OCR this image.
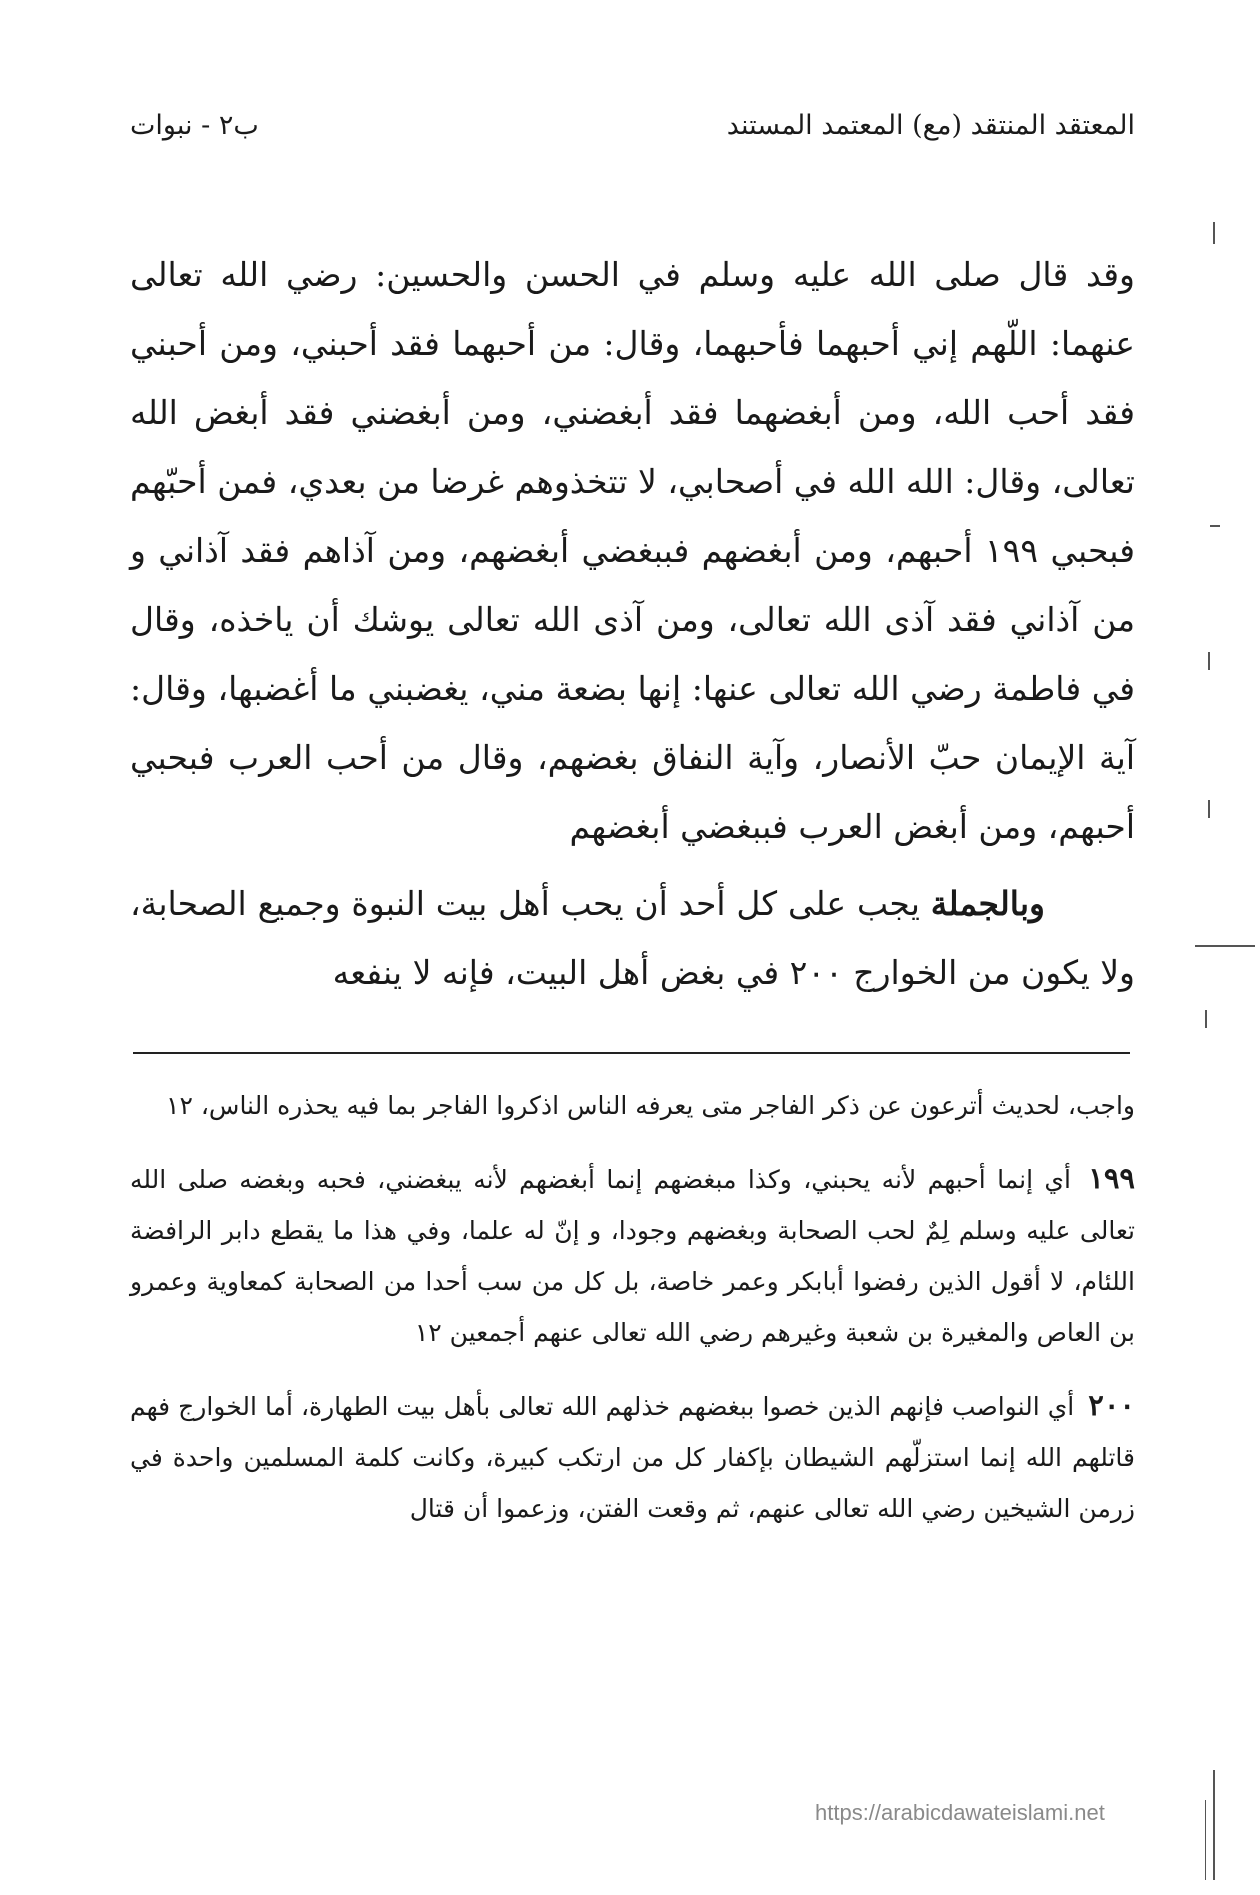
المعتقد المنتقد (مع) المعتمد المستند
ب٢ - نبوات

وقد قال صلى الله عليه وسلم في الحسن والحسين: رضي الله تعالى عنهما: اللّهم إني أحبهما فأحبهما، وقال: من أحبهما فقد أحبني، ومن أحبني فقد أحب الله، ومن أبغضهما فقد أبغضني، ومن أبغضني فقد أبغض الله تعالى، وقال: الله الله في أصحابي، لا تتخذوهم غرضا من بعدي، فمن أحبّهم فبحبي ١٩٩ أحبهم، ومن أبغضهم فببغضي أبغضهم، ومن آذاهم فقد آذاني و من آذاني فقد آذى الله تعالى، ومن آذى الله تعالى يوشك أن ياخذه، وقال في فاطمة رضي الله تعالى عنها: إنها بضعة مني، يغضبني ما أغضبها، وقال: آية الإيمان حبّ الأنصار، وآية النفاق بغضهم، وقال من أحب العرب فبحبي أحبهم، ومن أبغض العرب فببغضي أبغضهم

وبالجملة يجب على كل أحد أن يحب أهل بيت النبوة وجميع الصحابة، ولا يكون من الخوارج ٢٠٠ في بغض أهل البيت، فإنه لا ينفعه

واجب، لحديث أترعون عن ذكر الفاجر متى يعرفه الناس اذكروا الفاجر بما فيه يحذره الناس، ١٢

١٩٩ أي إنما أحبهم لأنه يحبني، وكذا مبغضهم إنما أبغضهم لأنه يبغضني، فحبه وبغضه صلى الله تعالى عليه وسلم لِمٌ لحب الصحابة وبغضهم وجودا، و إنّ له علما، وفي هذا ما يقطع دابر الرافضة اللئام، لا أقول الذين رفضوا أبابكر وعمر خاصة، بل كل من سب أحدا من الصحابة كمعاوية وعمرو بن العاص والمغيرة بن شعبة وغيرهم رضي الله تعالى عنهم أجمعين ١٢

٢٠٠ أي النواصب فإنهم الذين خصوا ببغضهم خذلهم الله تعالى بأهل بيت الطهارة، أما الخوارج فهم قاتلهم الله إنما استزلّهم الشيطان بإكفار كل من ارتكب كبيرة، وكانت كلمة المسلمين واحدة في زرمن الشيخين رضي الله تعالى عنهم، ثم وقعت الفتن، وزعموا أن قتال

https://arabicdawateislami.net
